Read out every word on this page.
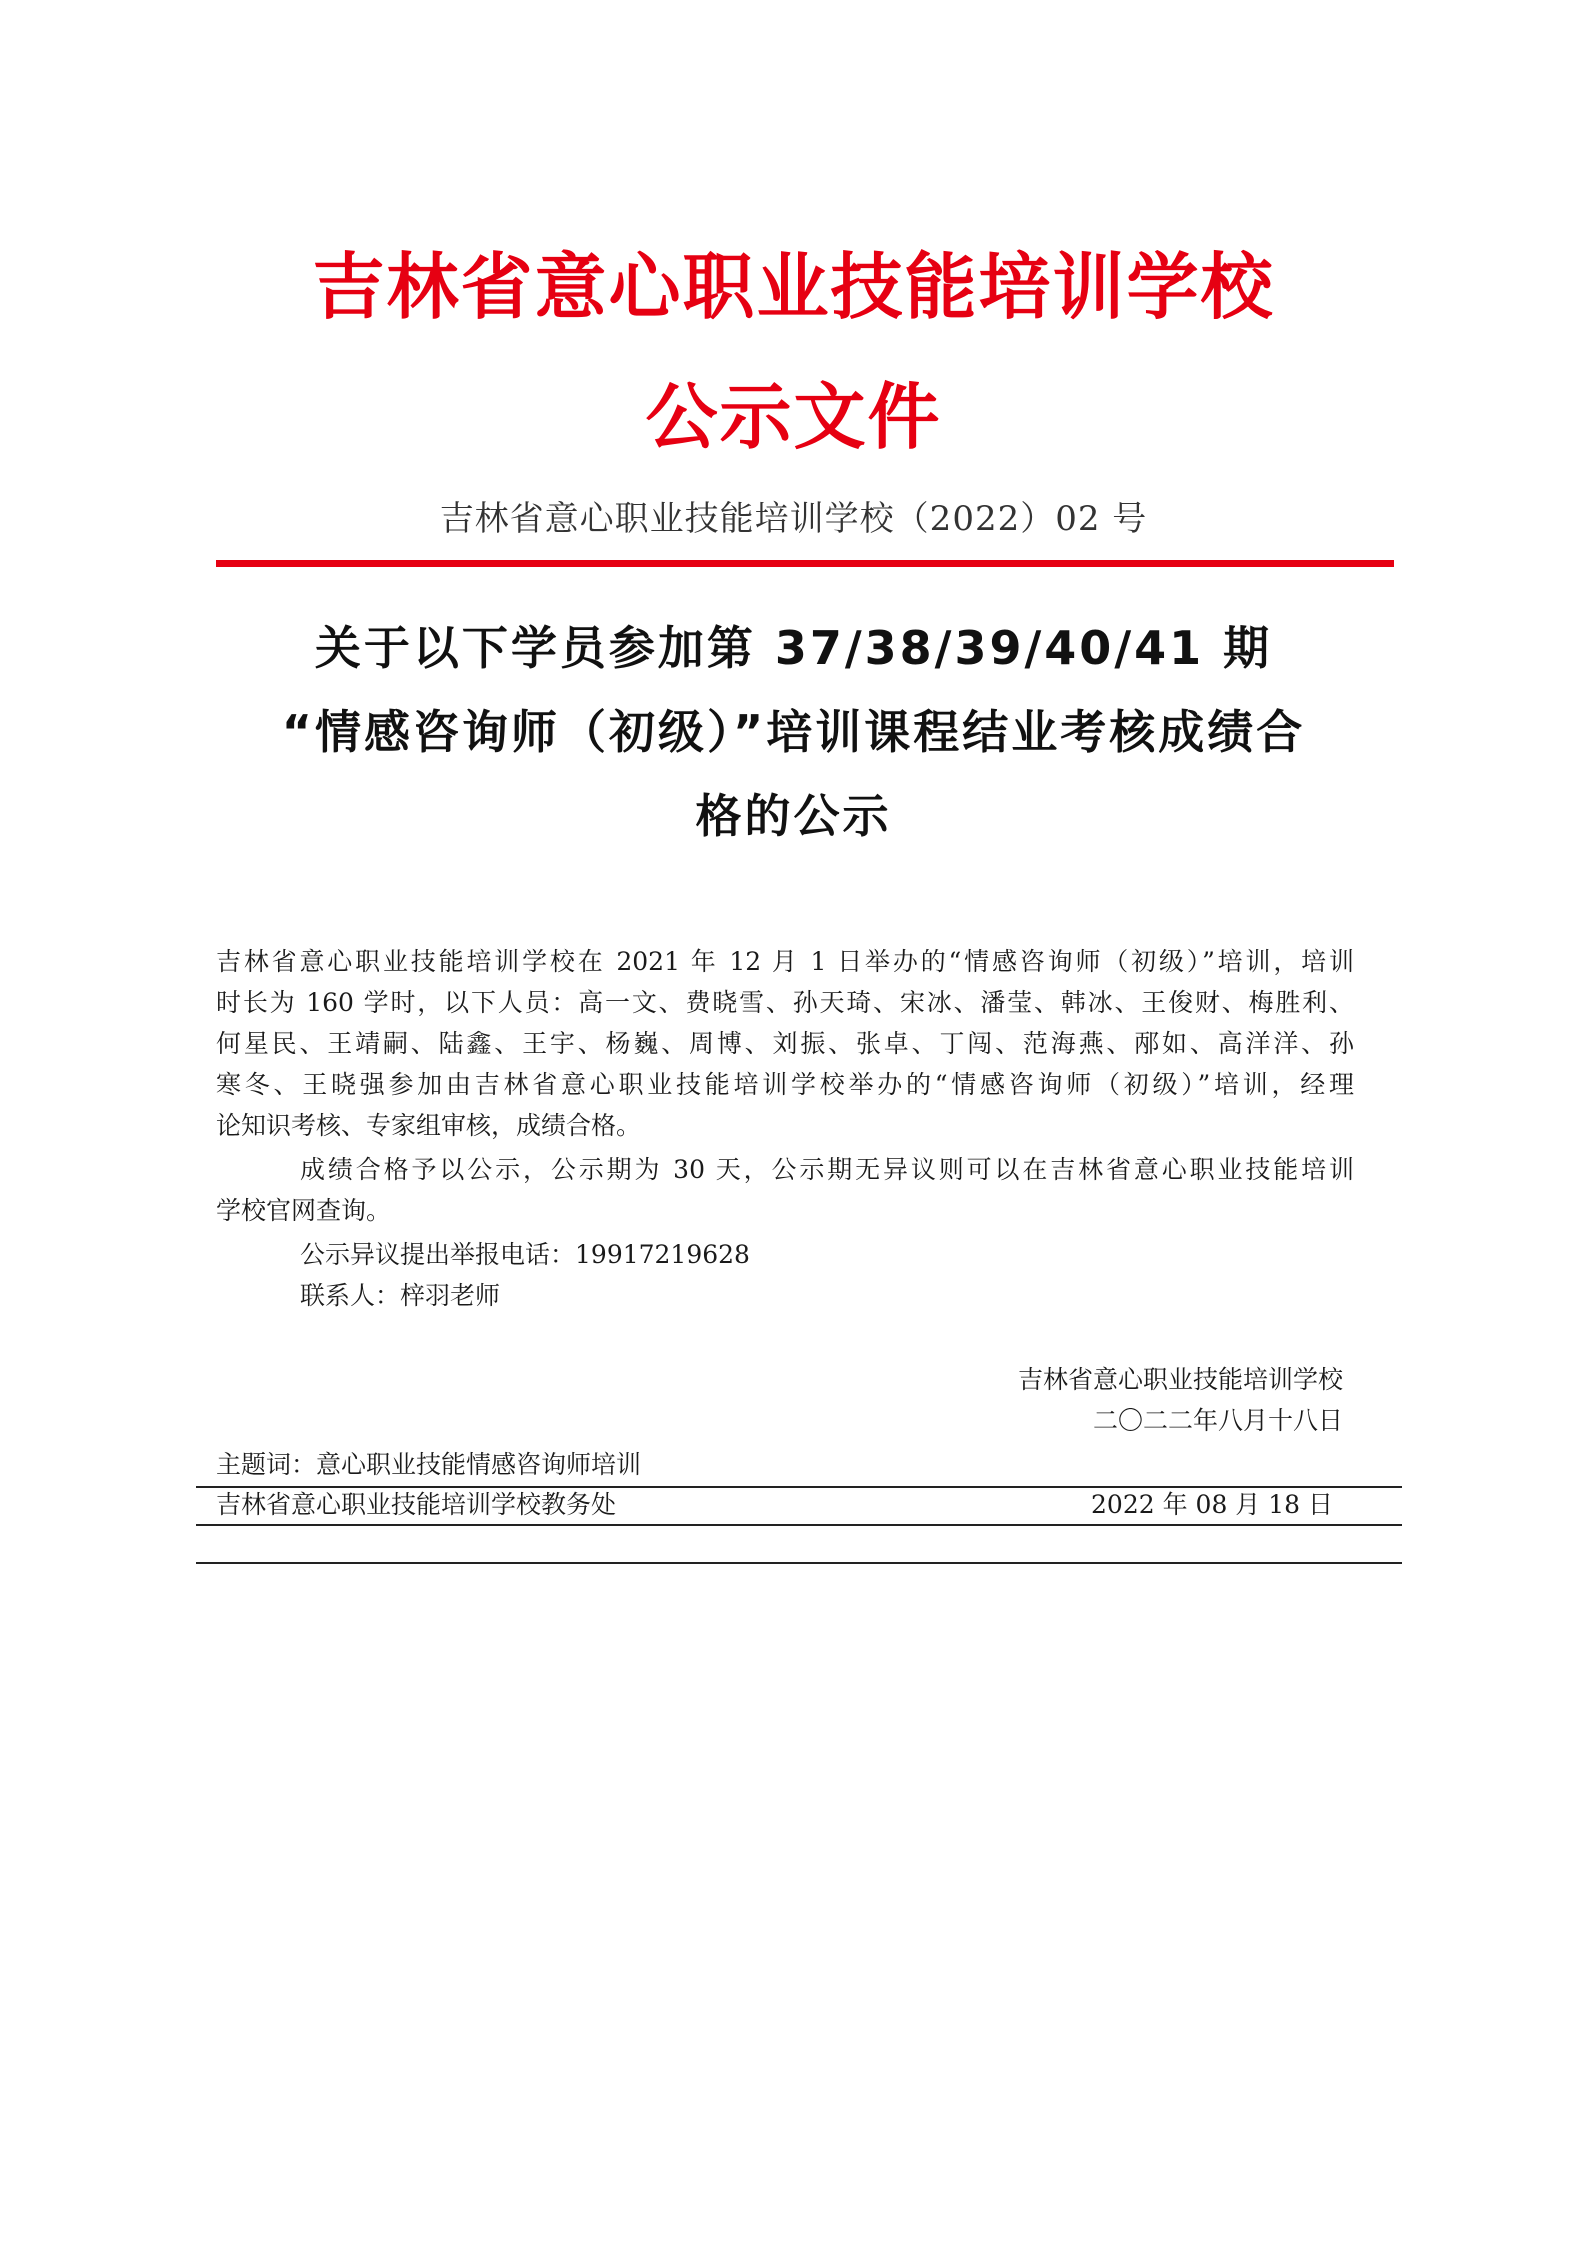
吉林省意心职业技能培训学校
公示文件
吉林省意心职业技能培训学校（2022）02 号
关于以下学员参加第 37/38/39/40/41 期
“情感咨询师（初级）”培训课程结业考核成绩合
格的公示
吉林省意心职业技能培训学校在 2021 年 12 月 1 日举办的“情感咨询师（初级）”培训，培训
时长为 160 学时，以下人员：高一文、费晓雪、孙天琦、宋冰、潘莹、韩冰、王俊财、梅胜利、
何星民、王靖嗣、陆鑫、王宇、杨巍、周博、刘振、张卓、丁闯、范海燕、邴如、高洋洋、孙
寒冬、王晓强参加由吉林省意心职业技能培训学校举办的“情感咨询师（初级）”培训，经理
论知识考核、专家组审核，成绩合格。
成绩合格予以公示，公示期为 30 天，公示期无异议则可以在吉林省意心职业技能培训
学校官网查询。
公示异议提出举报电话：19917219628
联系人：梓羽老师
吉林省意心职业技能培训学校
二〇二二年八月十八日
主题词：意心职业技能情感咨询师培训
吉林省意心职业技能培训学校教务处	2022 年 08 月 18 日
